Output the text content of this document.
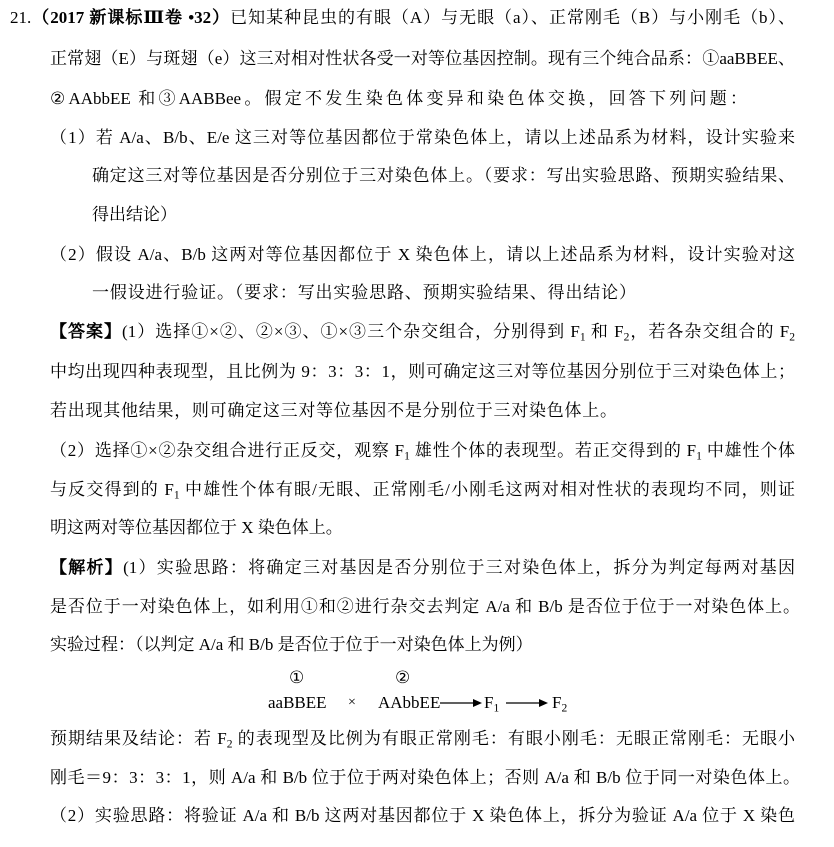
21.（2017 新课标Ⅲ卷 •32）已知某种昆虫的有眼（A）与无眼（a）、正常刚毛（B）与小刚毛（b）、
正常翅（E）与斑翅（e）这三对相对性状各受一对等位基因控制。现有三个纯合品系：①aaBBEE、
②AAbbEE 和③AABBee。假定不发生染色体变异和染色体交换，回答下列问题：
（1）若 A/a、B/b、E/e 这三对等位基因都位于常染色体上，请以上述品系为材料，设计实验来
确定这三对等位基因是否分别位于三对染色体上。（要求：写出实验思路、预期实验结果、
得出结论）
（2）假设 A/a、B/b 这两对等位基因都位于 X 染色体上，请以上述品系为材料，设计实验对这
一假设进行验证。（要求：写出实验思路、预期实验结果、得出结论）
【答案】(1）选择①×②、②×③、①×③三个杂交组合，分别得到 $F_1$ 和 $F_2$，若各杂交组合的 $F_2$
中均出现四种表现型，且比例为 9：3：3：1，则可确定这三对等位基因分别位于三对染色体上；
若出现其他结果，则可确定这三对等位基因不是分别位于三对染色体上。
（2）选择①×②杂交组合进行正反交，观察 $F_1$ 雄性个体的表现型。若正交得到的 $F_1$ 中雄性个体
与反交得到的 $F_1$ 中雄性个体有眼/无眼、正常刚毛/小刚毛这两对相对性状的表现均不同，则证
明这两对等位基因都位于 X 染色体上。
【解析】(1）实验思路：将确定三对基因是否分别位于三对染色体上，拆分为判定每两对基因
是否位于一对染色体上，如利用①和②进行杂交去判定 A/a 和 B/b 是否位于位于一对染色体上。
实验过程：（以判定 A/a 和 B/b 是否位于位于一对染色体上为例）
①	②
aaBBEE × AAbbEE	$F_1$	$F_2$
预期结果及结论：若 $F_2$ 的表现型及比例为有眼正常刚毛：有眼小刚毛：无眼正常刚毛：无眼小
刚毛＝9：3：3：1，则 A/a 和 B/b 位于位于两对染色体上；否则 A/a 和 B/b 位于同一对染色体上。
（2）实验思路：将验证 A/a 和 B/b 这两对基因都位于 X 染色体上，拆分为验证 A/a 位于 X 染色
